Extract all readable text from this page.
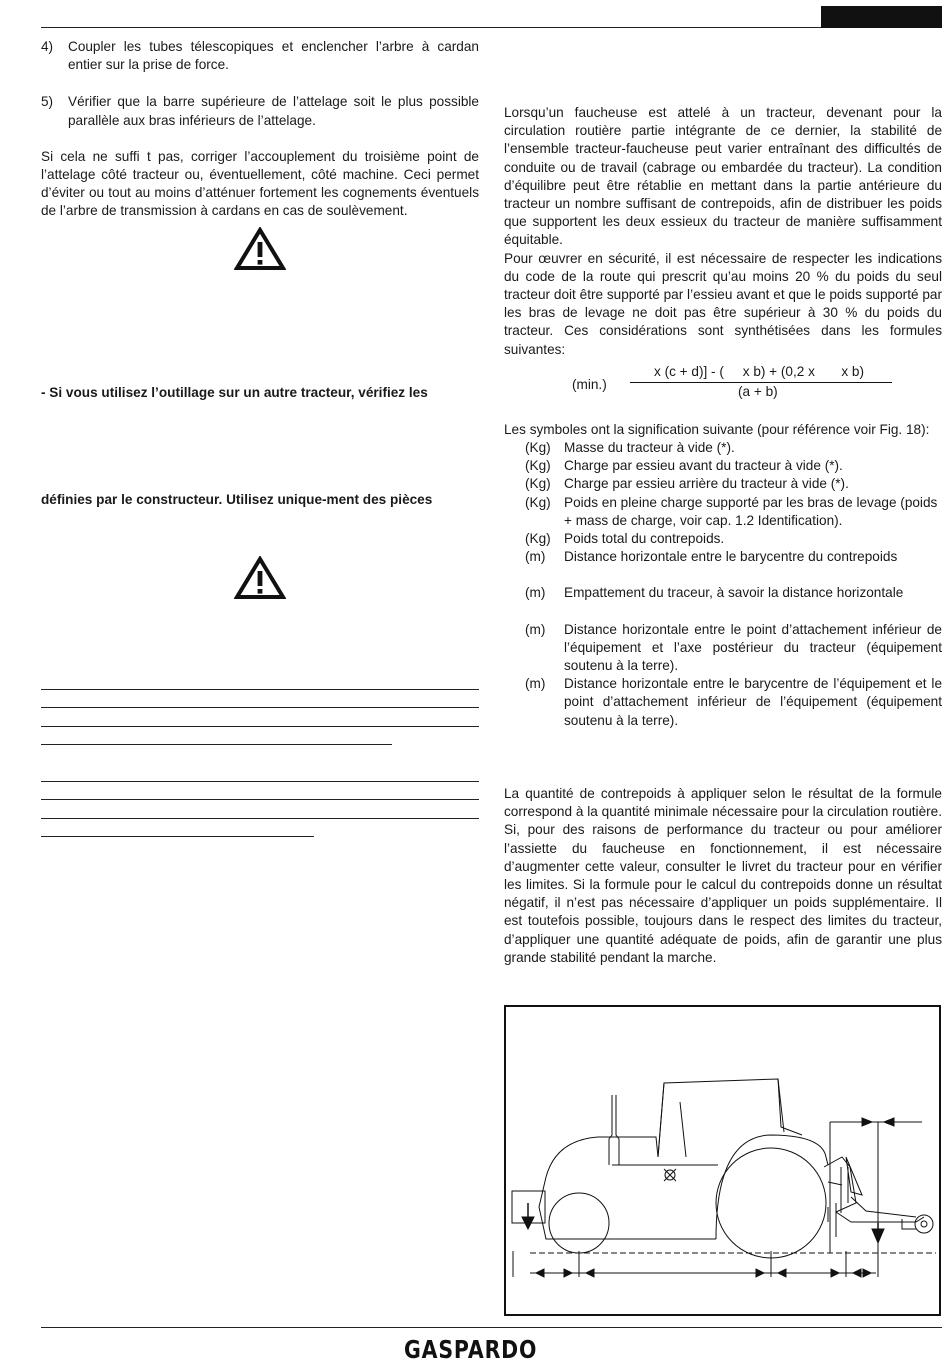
4) Coupler les tubes télescopiques et enclencher l’arbre à cardan entier sur la prise de force.

5) Vérifier que la barre supérieure de l’attelage soit le plus possible parallèle aux bras inférieurs de l’attelage.

Si cela ne suffi t pas, corriger l’accouplement du troisième point de l’attelage côté tracteur ou, éventuellement, côté machine. Ceci permet d’éviter ou tout au moins d’atténuer fortement les cognements éventuels de l’arbre de transmission à cardans en cas de soulèvement.

- Si vous utilisez l’outillage sur un autre tracteur, vérifiez les

définies par le constructeur. Utilisez unique-ment des pièces

Lorsqu’un faucheuse est attelé à un tracteur, devenant pour la circulation routière partie intégrante de ce dernier, la stabilité de l’ensemble tracteur-faucheuse peut varier entraînant des difficultés de conduite ou de travail (cabrage ou embardée du tracteur). La condition d’équilibre peut être rétablie en mettant dans la partie antérieure du tracteur un nombre suffisant de contrepoids, afin de distribuer les poids que supportent les deux essieux du tracteur de manière suffisamment équitable.

Pour œuvrer en sécurité, il est nécessaire de respecter les indications du code de la route qui prescrit qu’au moins 20 % du poids du seul tracteur doit être supporté par l’essieu avant et que le poids supporté par les bras de levage ne doit pas être supérieur à 30 % du poids du tracteur. Ces considérations sont synthétisées dans les formules suivantes:

(min.)
x (c + d)] - (     x b) + (0,2 x       x b)
(a + b)

Les symboles ont la signification suivante (pour référence voir Fig. 18):

(Kg) Masse du tracteur à vide (*).
(Kg) Charge par essieu avant du tracteur à vide (*).
(Kg) Charge par essieu arrière du tracteur à vide (*).
(Kg) Poids en pleine charge supporté par les bras de levage (poids + mass de charge, voir cap. 1.2 Identification).
(Kg) Poids total du contrepoids.
(m) Distance horizontale entre le barycentre du contrepoids
(m) Empattement du traceur, à savoir la distance horizontale
(m) Distance horizontale entre le point d’attachement inférieur de l’équipement et l’axe postérieur du tracteur (équipement soutenu à la terre).
(m) Distance horizontale entre le barycentre de l’équipement et le point d’attachement inférieur de l’équipement (équipement soutenu à la terre).

La quantité de contrepoids à appliquer selon le résultat de la formule correspond à la quantité minimale nécessaire pour la circulation routière. Si, pour des raisons de performance du tracteur ou pour améliorer l’assiette du faucheuse en fonctionnement, il est nécessaire d’augmenter cette valeur, consulter le livret du tracteur pour en vérifier les limites. Si la formule pour le calcul du contrepoids donne un résultat négatif, il n’est pas nécessaire d’appliquer un poids supplémentaire. Il est toutefois possible, toujours dans le respect des limites du tracteur, d’appliquer une quantité adéquate de poids, afin de garantir une plus grande stabilité pendant la marche.

GASPARDO
